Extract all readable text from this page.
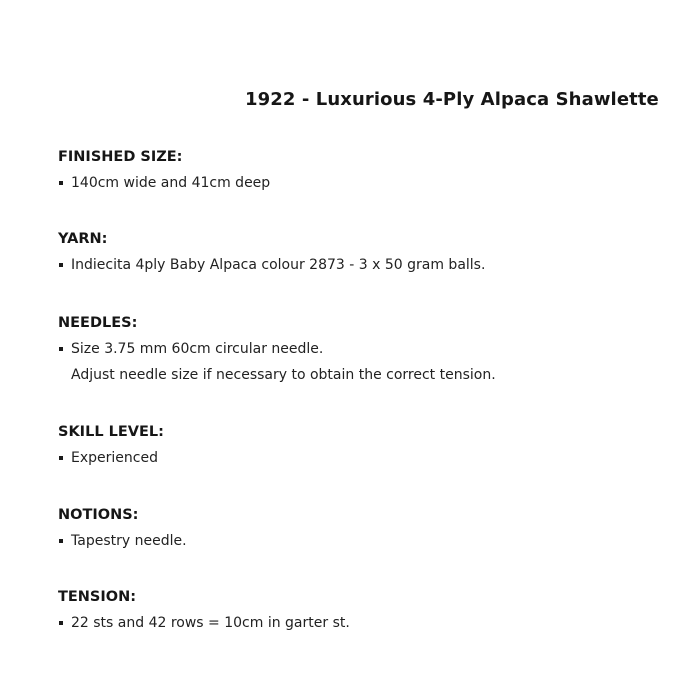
1922 - Luxurious 4-Ply Alpaca Shawlette
FINISHED SIZE:
140cm wide and 41cm deep
YARN:
Indiecita 4ply Baby Alpaca colour 2873 - 3 x 50 gram balls.
NEEDLES:
Size 3.75 mm 60cm circular needle.
Adjust needle size if necessary to obtain the correct tension.
SKILL LEVEL:
Experienced
NOTIONS:
Tapestry needle.
TENSION:
22 sts and 42 rows = 10cm in garter st.
